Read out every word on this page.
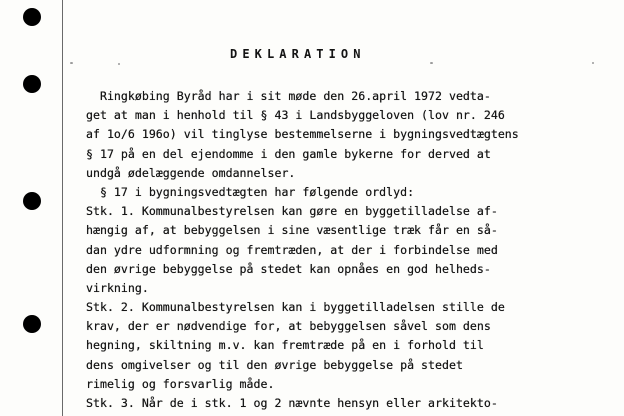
DEKLARATION
Ringkøbing Byråd har i sit møde den 26.april 1972 vedta-
get at man i henhold til § 43 i Landsbyggeloven (lov nr. 246
af 1o/6 196o) vil tinglyse bestemmelserne i bygningsvedtægtens
§ 17 på en del ejendomme i den gamle bykerne for derved at
undgå ødelæggende omdannelser.
§ 17 i bygningsvedtægten har følgende ordlyd:
Stk. 1. Kommunalbestyrelsen kan gøre en byggetilladelse af-
hængig af, at bebyggelsen i sine væsentlige træk får en så-
dan ydre udformning og fremtræden, at der i forbindelse med
den øvrige bebyggelse på stedet kan opnåes en god helheds-
virkning.
Stk. 2. Kommunalbestyrelsen kan i byggetilladelsen stille de
krav, der er nødvendige for, at bebyggelsen såvel som dens
hegning, skiltning m.v. kan fremtræde på en i forhold til
dens omgivelser og til den øvrige bebyggelse på stedet
rimelig og forsvarlig måde.
Stk. 3. Når de i stk. 1 og 2 nævnte hensyn eller arkitekto-
